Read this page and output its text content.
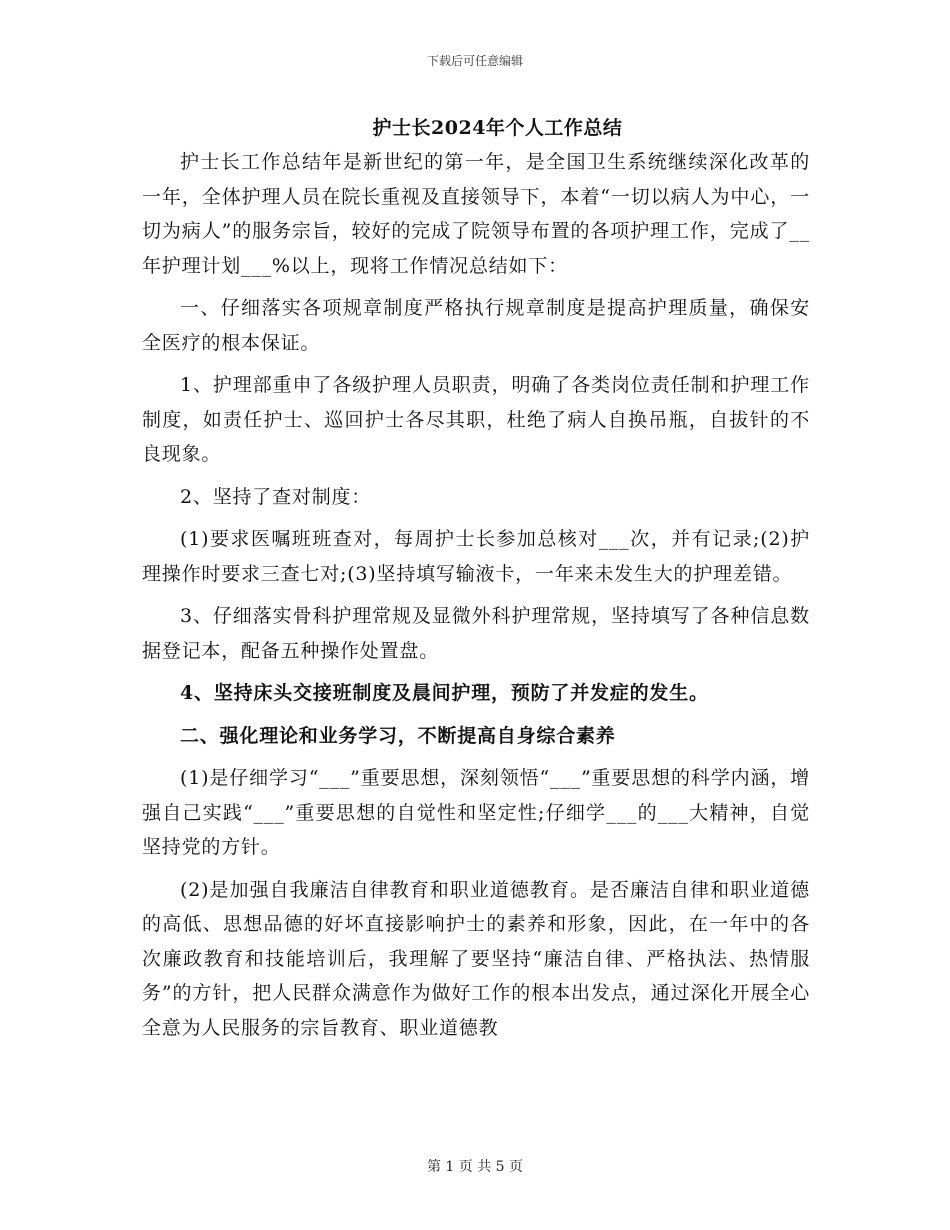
下载后可任意编辑
护士长2024年个人工作总结

护士长工作总结年是新世纪的第一年，是全国卫生系统继续深化改革的一年，全体护理人员在院长重视及直接领导下，本着“一切以病人为中心，一切为病人”的服务宗旨，较好的完成了院领导布置的各项护理工作，完成了__年护理计划___%以上，现将工作情况总结如下：

一、仔细落实各项规章制度严格执行规章制度是提高护理质量，确保安全医疗的根本保证。

1、护理部重申了各级护理人员职责，明确了各类岗位责任制和护理工作制度，如责任护士、巡回护士各尽其职，杜绝了病人自换吊瓶，自拔针的不良现象。

2、坚持了查对制度：

(1)要求医嘱班班查对，每周护士长参加总核对___次，并有记录;(2)护理操作时要求三查七对;(3)坚持填写输液卡，一年来未发生大的护理差错。

3、仔细落实骨科护理常规及显微外科护理常规，坚持填写了各种信息数据登记本，配备五种操作处置盘。

4、坚持床头交接班制度及晨间护理，预防了并发症的发生。

二、强化理论和业务学习，不断提高自身综合素养

(1)是仔细学习“___”重要思想，深刻领悟“___”重要思想的科学内涵，增强自己实践“___”重要思想的自觉性和坚定性;仔细学___的___大精神，自觉坚持党的方针。

(2)是加强自我廉洁自律教育和职业道德教育。是否廉洁自律和职业道德的高低、思想品德的好坏直接影响护士的素养和形象，因此，在一年中的各次廉政教育和技能培训后，我理解了要坚持“廉洁自律、严格执法、热情服务”的方针，把人民群众满意作为做好工作的根本出发点，通过深化开展全心全意为人民服务的宗旨教育、职业道德教

第 1 页 共 5 页
